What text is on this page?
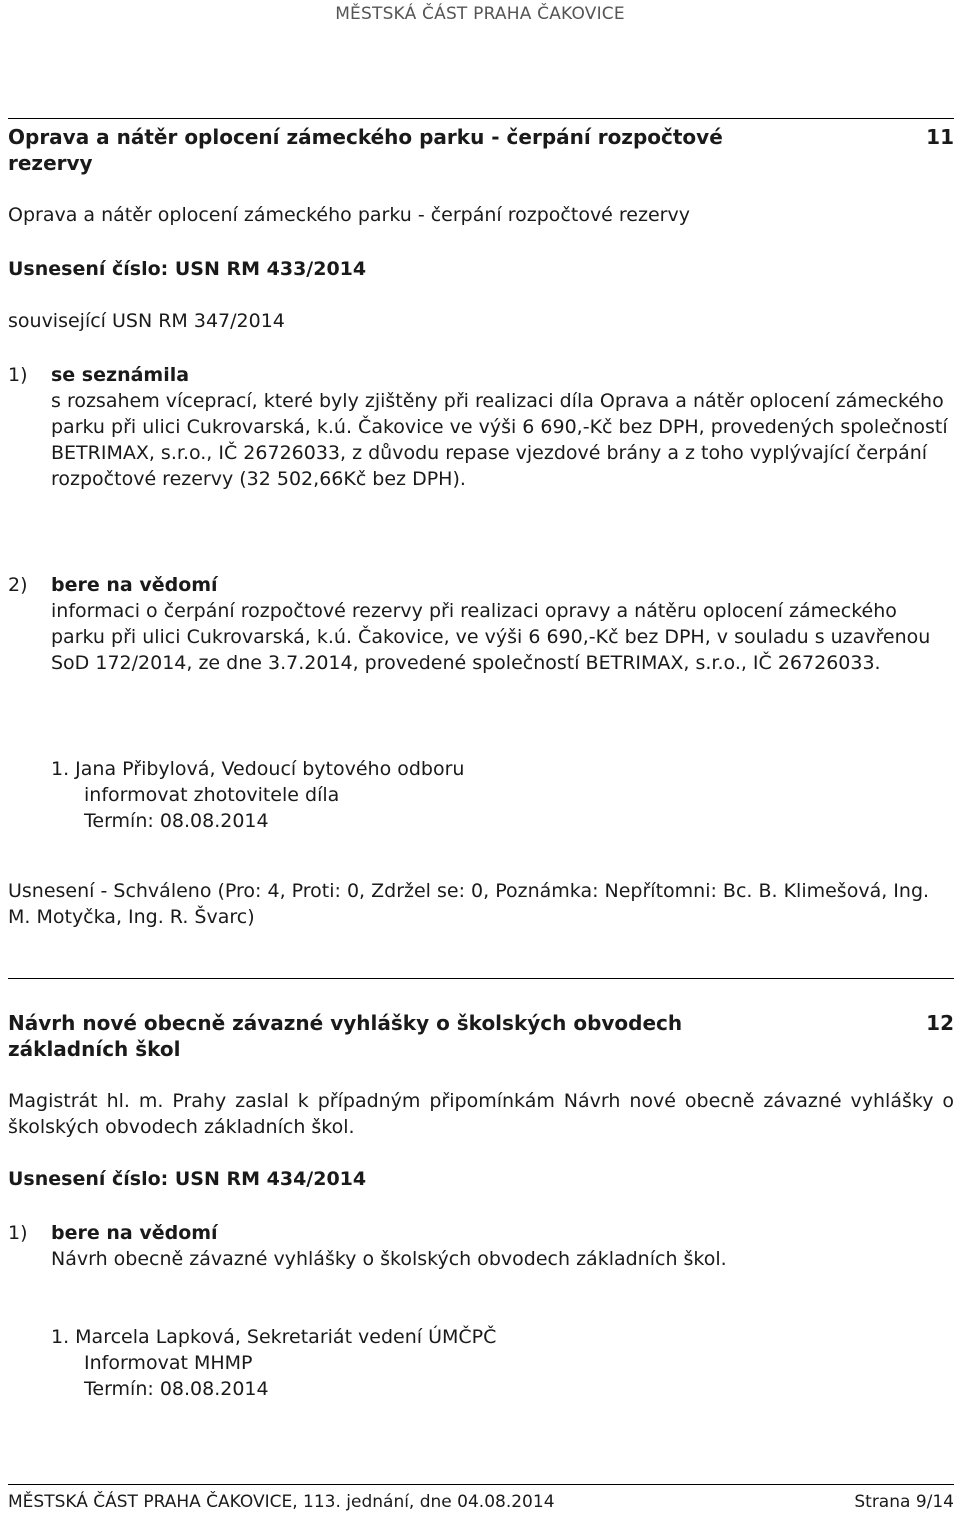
MĚSTSKÁ ČÁST PRAHA ČAKOVICE
Oprava a nátěr oplocení zámeckého parku - čerpání rozpočtové rezervy
11
Oprava a nátěr oplocení zámeckého parku - čerpání rozpočtové rezervy
Usnesení číslo: USN RM 433/2014
související USN RM 347/2014
1) se seznámila
s rozsahem víceprací, které byly zjištěny při realizaci díla Oprava a nátěr oplocení zámeckého parku při ulici Cukrovarská, k.ú. Čakovice ve výši 6 690,-Kč bez DPH, provedených společností BETRIMAX, s.r.o., IČ 26726033, z důvodu repase vjezdové brány a z toho vyplývající čerpání rozpočtové rezervy (32 502,66Kč bez DPH).
2) bere na vědomí
informaci o čerpání rozpočtové rezervy při realizaci opravy a nátěru oplocení zámeckého parku při ulici Cukrovarská, k.ú. Čakovice, ve výši 6 690,-Kč bez DPH, v souladu s uzavřenou SoD 172/2014, ze dne 3.7.2014, provedené společností BETRIMAX, s.r.o., IČ 26726033.
1. Jana Přibylová, Vedoucí bytového odboru
informovat zhotovitele díla
Termín: 08.08.2014
Usnesení - Schváleno (Pro: 4, Proti: 0, Zdržel se: 0, Poznámka: Nepřítomni: Bc. B. Klimešová, Ing. M. Motyčka, Ing. R. Švarc)
Návrh nové obecně závazné vyhlášky o školských obvodech základních škol
12
Magistrát hl. m. Prahy zaslal k případným připomínkám Návrh nové obecně závazné vyhlášky o školských obvodech základních škol.
Usnesení číslo: USN RM 434/2014
1) bere na vědomí
Návrh obecně závazné vyhlášky o školských obvodech základních škol.
1. Marcela Lapková, Sekretariát vedení ÚMČPČ
Informovat MHMP
Termín: 08.08.2014
MĚSTSKÁ ČÁST PRAHA ČAKOVICE, 113. jednání, dne 04.08.2014	Strana 9/14
